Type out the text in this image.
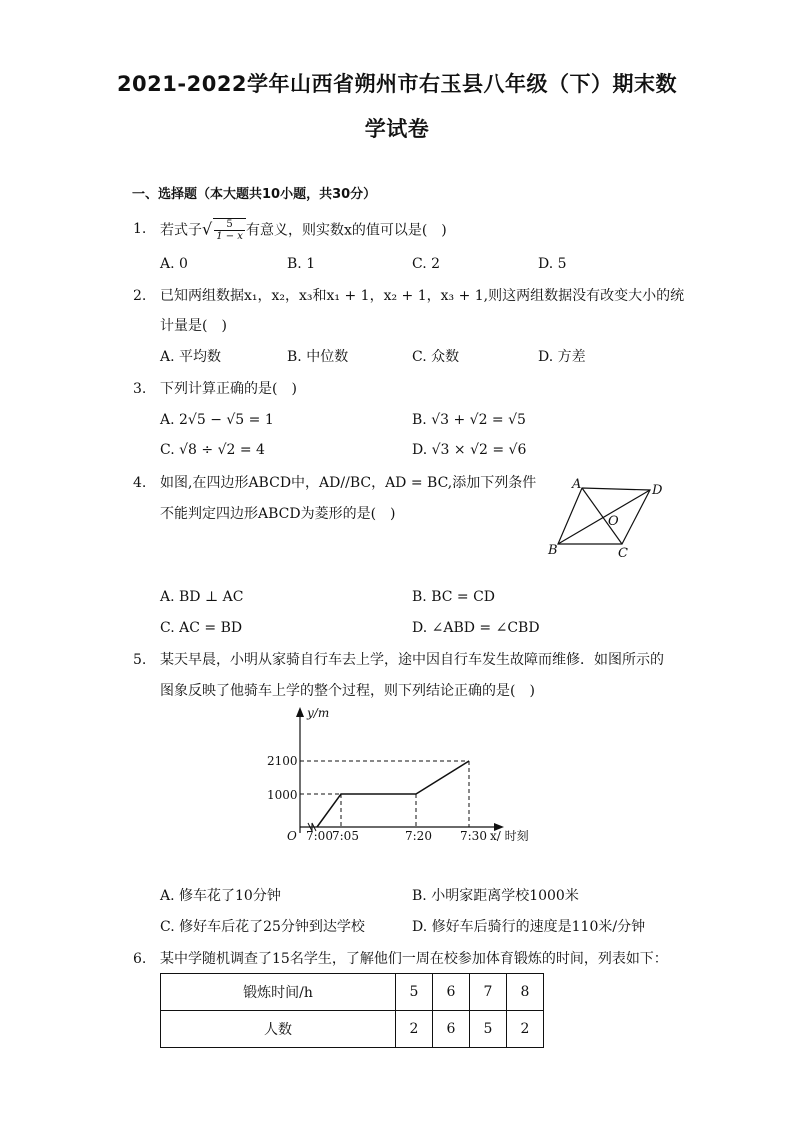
2021-2022学年山西省朔州市右玉县八年级（下）期末数
学试卷
一、选择题（本大题共10小题，共30分）
1. 若式子√ $\frac{5}{1 - x}$ 有意义，则实数x的值可以是(　)
A. 0	B. 1	C. 2	D. 5
2. 已知两组数据x₁，x₂，x₃和x₁ + 1，x₂ + 1，x₃ + 1,则这两组数据没有改变大小的统
计量是(　)
A. 平均数	B. 中位数	C. 众数	D. 方差
3. 下列计算正确的是(　)
A. 2√5 − √5 = 1	B. √3 + √2 = √5
C. √8 ÷ √2 = 4	D. √3 × √2 = √6
4. 如图,在四边形ABCD中，AD//BC，AD = BC,添加下列条件
不能判定四边形ABCD为菱形的是(　)
A	D
B	C
O
A. BD ⊥ AC	B. BC = CD
C. AC = BD	D. ∠ABD = ∠CBD
5. 某天早晨，小明从家骑自行车去上学，途中因自行车发生故障而维修．如图所示的
图象反映了他骑车上学的整个过程，则下列结论正确的是(　)
y/m
2100
1000
O 7:00 7:05	7:20 7:30 x/ 时刻
A. 修车花了10分钟	B. 小明家距离学校1000米
C. 修好车后花了25分钟到达学校	D. 修好车后骑行的速度是110米/分钟
6. 某中学随机调查了15名学生，了解他们一周在校参加体育锻炼的时间，列表如下：
锻炼时间/h	5	6	7	8
人数	2	6	5	2
